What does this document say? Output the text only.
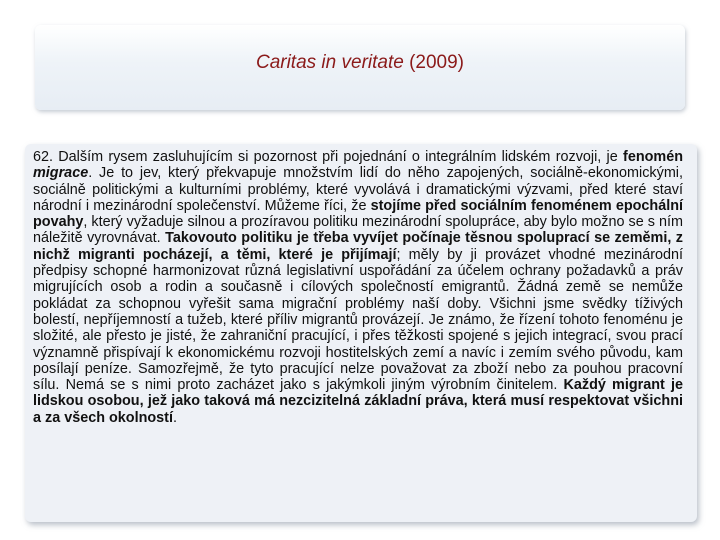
Caritas in veritate (2009)

62. Dalším rysem zasluhujícím si pozornost při pojednání o integrálním lidském rozvoji, je fenomén migrace. Je to jev, který překvapuje množstvím lidí do něho zapojených, sociálně-ekonomickými, sociálně politickými a kulturními problémy, které vyvolává i dramatickými výzvami, před které staví národní i mezinárodní společenství. Můžeme říci, že stojíme před sociálním fenoménem epochální povahy, který vyžaduje silnou a prozíravou politiku mezinárodní spolupráce, aby bylo možno se s ním náležitě vyrovnávat. Takovouto politiku je třeba vyvíjet počínaje těsnou spoluprací se zeměmi, z nichž migranti pocházejí, a těmi, které je přijímají; měly by ji provázet vhodné mezinárodní předpisy schopné harmonizovat různá legislativní uspořádání za účelem ochrany požadavků a práv migrujících osob a rodin a současně i cílových společností emigrantů. Žádná země se nemůže pokládat za schopnou vyřešit sama migrační problémy naší doby. Všichni jsme svědky tíživých bolestí, nepříjemností a tužeb, které příliv migrantů provázejí. Je známo, že řízení tohoto fenoménu je složité, ale přesto je jisté, že zahraniční pracující, i přes těžkosti spojené s jejich integrací, svou prací významně přispívají k ekonomickému rozvoji hostitelských zemí a navíc i zemím svého původu, kam posílají peníze. Samozřejmě, že tyto pracující nelze považovat za zboží nebo za pouhou pracovní sílu. Nemá se s nimi proto zacházet jako s jakýmkoli jiným výrobním činitelem. Každý migrant je lidskou osobou, jež jako taková má nezcizitelná základní práva, která musí respektovat všichni a za všech okolností.
